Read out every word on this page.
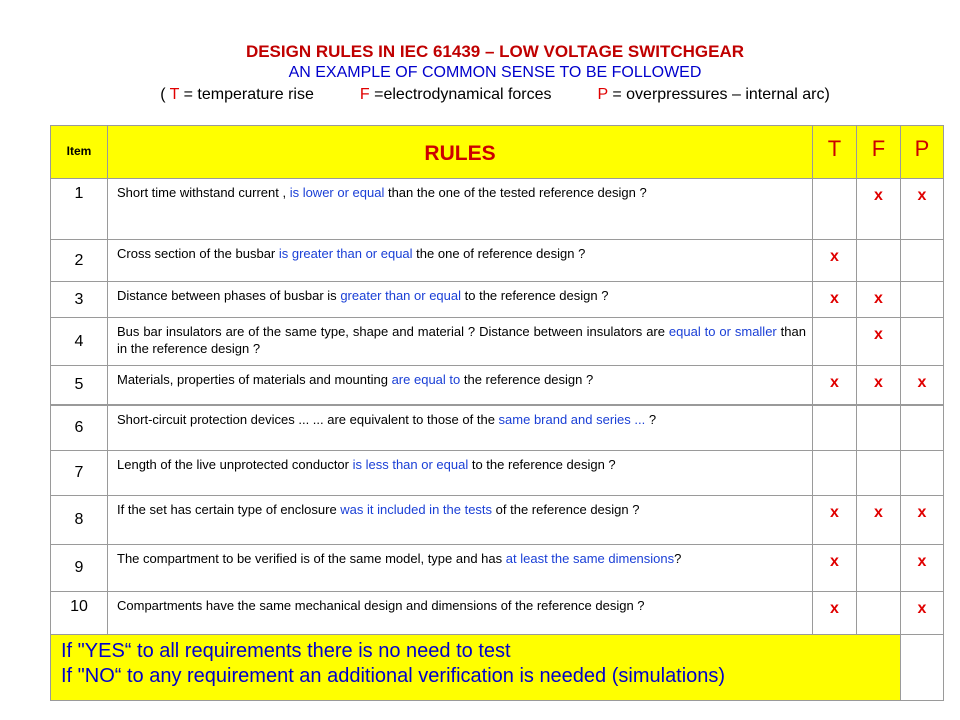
DESIGN RULES IN IEC 61439 – LOW VOLTAGE SWITCHGEAR
AN EXAMPLE OF COMMON SENSE TO BE FOLLOWED
( T = temperature rise	F =electrodynamical forces	P = overpressures – internal arc)
Item	RULES	T	F	P
1	Short time withstand current , is lower or equal than the one of the tested reference design ?		x	x
2	Cross section of the busbar is greater than or equal the one of reference design ?	x		
3	Distance between phases of busbar is greater than or equal to the reference design ?	x	x	
4	Bus bar insulators are of the same type, shape and material ? Distance between insulators are equal to or smaller than in the reference design ?		x	
5	Materials, properties of materials and mounting are equal to the reference design ?	x	x	x
6	Short-circuit protection devices ... ... are equivalent to those of the same brand and series ... ?			
7	Length of the live unprotected conductor is less than or equal to the reference design ?			
8	If the set has certain type of enclosure was it included in the tests of the reference design ?	x	x	x
9	The compartment to be verified is of the same model, type and has at least the same dimensions?	x		x
10	Compartments have the same mechanical design and dimensions of the reference design ?	x		x

If "YES“ to all requirements there is no need to test
If "NO“ to any requirement an additional verification is needed (simulations)				
